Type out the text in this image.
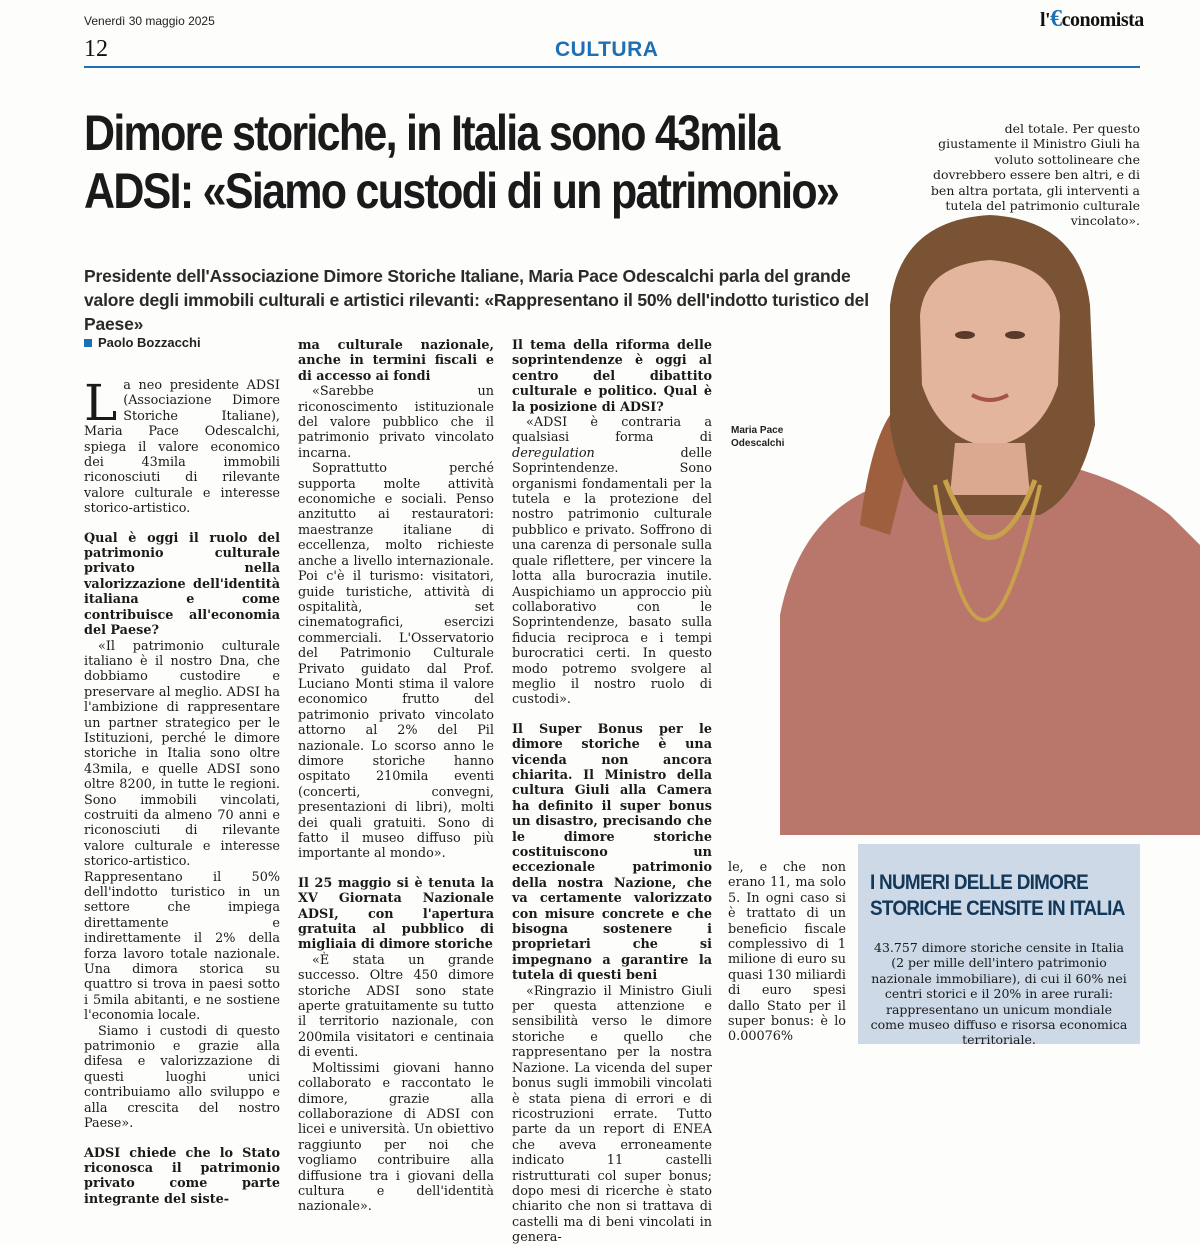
Venerdì 30 maggio 2025	l'€conomista
12	CULTURA
Dimore storiche, in Italia sono 43mila
ADSI: «Siamo custodi di un patrimonio»
Maria Pace
Odescalchi

del totale. Per questo giustamente il Ministro Giuli ha voluto sottolineare che dovrebbero essere ben altri, e di ben altra portata, gli interventi a tutela del patrimonio culturale vincolato».

Presidente dell'Associazione Dimore Storiche Italiane, Maria Pace Odescalchi parla del grande valore degli immobili culturali e artistici rilevanti: «Rappresentano il 50% dell'indotto turistico del Paese»
Paolo Bozzacchi

La neo presidente ADSI (Associazione Dimore Storiche Italiane), Maria Pace Odescalchi, spiega il valore economico dei 43mila immobili riconosciuti di rilevante valore culturale e interesse storico-artistico.

Qual è oggi il ruolo del patrimonio culturale privato nella valorizzazione dell'identità italiana e come contribuisce all'economia del Paese?

«Il patrimonio culturale italiano è il nostro Dna, che dobbiamo custodire e preservare al meglio. ADSI ha l'ambizione di rappresentare un partner strategico per le Istituzioni, perché le dimore storiche in Italia sono oltre 43mila, e quelle ADSI sono oltre 8200, in tutte le regioni. Sono immobili vincolati, costruiti da almeno 70 anni e riconosciuti di rilevante valore culturale e interesse storico-artistico. Rappresentano il 50% dell'indotto turistico in un settore che impiega direttamente e indirettamente il 2% della forza lavoro totale nazionale. Una dimora storica su quattro si trova in paesi sotto i 5mila abitanti, e ne sostiene l'economia locale.

Siamo i custodi di questo patrimonio e grazie alla difesa e valorizzazione di questi luoghi unici contribuiamo allo sviluppo e alla crescita del nostro Paese».

ADSI chiede che lo Stato riconosca il patrimonio privato come parte integrante del siste-

ma culturale nazionale, anche in termini fiscali e di accesso ai fondi

«Sarebbe un riconoscimento istituzionale del valore pubblico che il patrimonio privato vincolato incarna.

Soprattutto perché supporta molte attività economiche e sociali. Penso anzitutto ai restauratori: maestranze italiane di eccellenza, molto richieste anche a livello internazionale. Poi c'è il turismo: visitatori, guide turistiche, attività di ospitalità, set cinematografici, esercizi commerciali. L'Osservatorio del Patrimonio Culturale Privato guidato dal Prof. Luciano Monti stima il valore economico frutto del patrimonio privato vincolato attorno al 2% del Pil nazionale. Lo scorso anno le dimore storiche hanno ospitato 210mila eventi (concerti, convegni, presentazioni di libri), molti dei quali gratuiti. Sono di fatto il museo diffuso più importante al mondo».

Il 25 maggio si è tenuta la XV Giornata Nazionale ADSI, con l'apertura gratuita al pubblico di migliaia di dimore storiche

«È stata un grande successo. Oltre 450 dimore storiche ADSI sono state aperte gratuitamente su tutto il territorio nazionale, con 200mila visitatori e centinaia di eventi.

Moltissimi giovani hanno collaborato e raccontato le dimore, grazie alla collaborazione di ADSI con licei e università. Un obiettivo raggiunto per noi che vogliamo contribuire alla diffusione tra i giovani della cultura e dell'identità nazionale».

Il tema della riforma delle soprintendenze è oggi al centro del dibattito culturale e politico. Qual è la posizione di ADSI?

«ADSI è contraria a qualsiasi forma di deregulation delle Soprintendenze. Sono organismi fondamentali per la tutela e la protezione del nostro patrimonio culturale pubblico e privato. Soffrono di una carenza di personale sulla quale riflettere, per vincere la lotta alla burocrazia inutile. Auspichiamo un approccio più collaborativo con le Soprintendenze, basato sulla fiducia reciproca e i tempi burocratici certi. In questo modo potremo svolgere al meglio il nostro ruolo di custodi».

Il Super Bonus per le dimore storiche è una vicenda non ancora chiarita. Il Ministro della cultura Giuli alla Camera ha definito il super bonus un disastro, precisando che le dimore storiche costituiscono un eccezionale patrimonio della nostra Nazione, che va certamente valorizzato con misure concrete e che bisogna sostenere i proprietari che si impegnano a garantire la tutela di questi beni

«Ringrazio il Ministro Giuli per questa attenzione e sensibilità verso le dimore storiche e quello che rappresentano per la nostra Nazione. La vicenda del super bonus sugli immobili vincolati è stata piena di errori e di ricostruzioni errate. Tutto parte da un report di ENEA che aveva erroneamente indicato 11 castelli ristrutturati col super bonus; dopo mesi di ricerche è stato chiarito che non si trattava di castelli ma di beni vincolati in genera-

le, e che non erano 11, ma solo 5. In ogni caso si è trattato di un beneficio fiscale complessivo di 1 milione di euro su quasi 130 miliardi di euro spesi dallo Stato per il super bonus: è lo 0.00076%

I NUMERI DELLE DIMORE
STORICHE CENSITE IN ITALIA
43.757 dimore storiche censite in Italia (2 per mille dell'intero patrimonio nazionale immobiliare), di cui il 60% nei centri storici e il 20% in aree rurali: rappresentano un unicum mondiale come museo diffuso e risorsa economica territoriale.
